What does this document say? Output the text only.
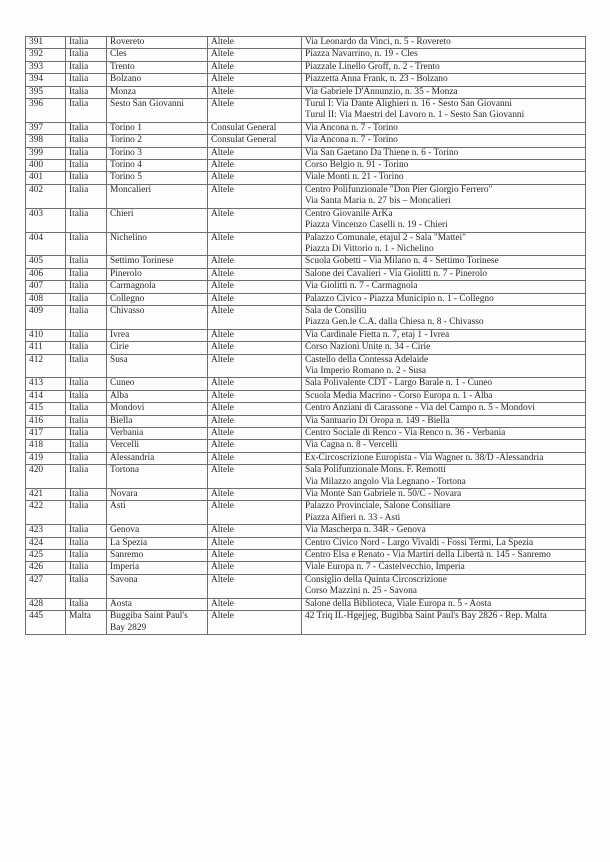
391	Italia	Rovereto	Altele	Via Leonardo da Vinci, n. 5 - Rovereto

392	Italia	Cles	Altele	Piazza Navarrino, n. 19 - Cles

393	Italia	Trento	Altele	Piazzale Linello Groff, n. 2 - Trento

394	Italia	Bolzano	Altele	Piazzetta Anna Frank, n. 23 - Bolzano

395	Italia	Monza	Altele	Via Gabriele D'Annunzio, n. 35 - Monza

396	Italia	Sesto San Giovanni	Altele	Turul I: Via Dante Alighieri n. 16 - Sesto San Giovanni
Turul II: Via Maestri del Lavoro n. 1 - Sesto San Giovanni

397	Italia	Torino 1	Consulat General	Via Ancona n. 7 - Torino

398	Italia	Torino 2	Consulat General	Via Ancona n. 7 - Torino

399	Italia	Torino 3	Altele	Via San Gaetano Da Thiene n. 6 - Torino

400	Italia	Torino 4	Altele	Corso Belgio n. 91 - Torino

401	Italia	Torino 5	Altele	Viale Monti n. 21 - Torino

402	Italia	Moncalieri	Altele	Centro Polifunzionale "Don Pier Giorgio Ferrero"
Via Santa Maria n. 27 bis – Moncalieri

403	Italia	Chieri	Altele	Centro Giovanile ArKa
Piazza Vincenzo Caselli n. 19 - Chieri

404	Italia	Nichelino	Altele	Palazzo Comunale, etajul 2 - Sala "Mattei"
Piazza Di Vittorio n. 1 - Nichelino

405	Italia	Settimo Torinese	Altele	Scuola Gobetti - Via Milano n. 4 - Settimo Torinese

406	Italia	Pinerolo	Altele	Salone dei Cavalieri - Via Giolitti n. 7 - Pinerolo

407	Italia	Carmagnola	Altele	Via Giolitti n. 7 - Carmagnola

408	Italia	Collegno	Altele	Palazzo Civico - Piazza Municipio n. 1 - Collegno

409	Italia	Chivasso	Altele	Sala de Consiliu
Piazza Gen.le C.A. dalla Chiesa n. 8 - Chivasso

410	Italia	Ivrea	Altele	Via Cardinale Fietta n. 7, etaj 1 - Ivrea

411	Italia	Cirie	Altele	Corso Nazioni Unite n. 34 - Cirie

412	Italia	Susa	Altele	Castello della Contessa Adelaide
Via Imperio Romano n. 2 - Susa

413	Italia	Cuneo	Altele	Sala Polivalente CDT - Largo Barale n. 1 - Cuneo

414	Italia	Alba	Altele	Scuola Media Macrino - Corso Europa n. 1 - Alba

415	Italia	Mondovi	Altele	Centro Anziani di Carassone - Via del Campo n. 5 - Mondovi

416	Italia	Biella	Altele	Via Santuario Di Oropa n. 149 - Biella

417	Italia	Verbania	Altele	Centro Sociale di Renco - Via Renco n. 36 - Verbania

418	Italia	Vercelli	Altele	Via Cagna n. 8 - Vercelli

419	Italia	Alessandria	Altele	Ex-Circoscrizione Europista - Via Wagner n. 38/D -Alessandria

420	Italia	Tortona	Altele	Sala Polifunzionale Mons. F. Remotti
Via Milazzo angolo Via Legnano - Tortona

421	Italia	Novara	Altele	Via Monte San Gabriele n. 50/C - Novara

422	Italia	Asti	Altele	Palazzo Provinciale, Salone Consiliare
Piazza Alfieri n. 33 - Asti

423	Italia	Genova	Altele	Via Mascherpa n. 34R - Genova

424	Italia	La Spezia	Altele	Centro Civico Nord - Largo Vivaldi - Fossi Termi, La Spezia

425	Italia	Sanremo	Altele	Centro Elsa e Renato - Via Martiri della Libertà n. 145 - Sanremo

426	Italia	Imperia	Altele	Viale Europa n. 7 - Castelvecchio, Imperia

427	Italia	Savona	Altele	Consiglio della Quinta Circoscrizione
Corso Mazzini n. 25 - Savona

428	Italia	Aosta	Altele	Salone della Biblioteca, Viale Europa n. 5 - Aosta

445	Malta	Buggiba Saint Paul's Bay 2829	Altele	42 Triq IL-Hgejjeg, Bugibba Saint Paul's Bay 2826 - Rep. Malta
